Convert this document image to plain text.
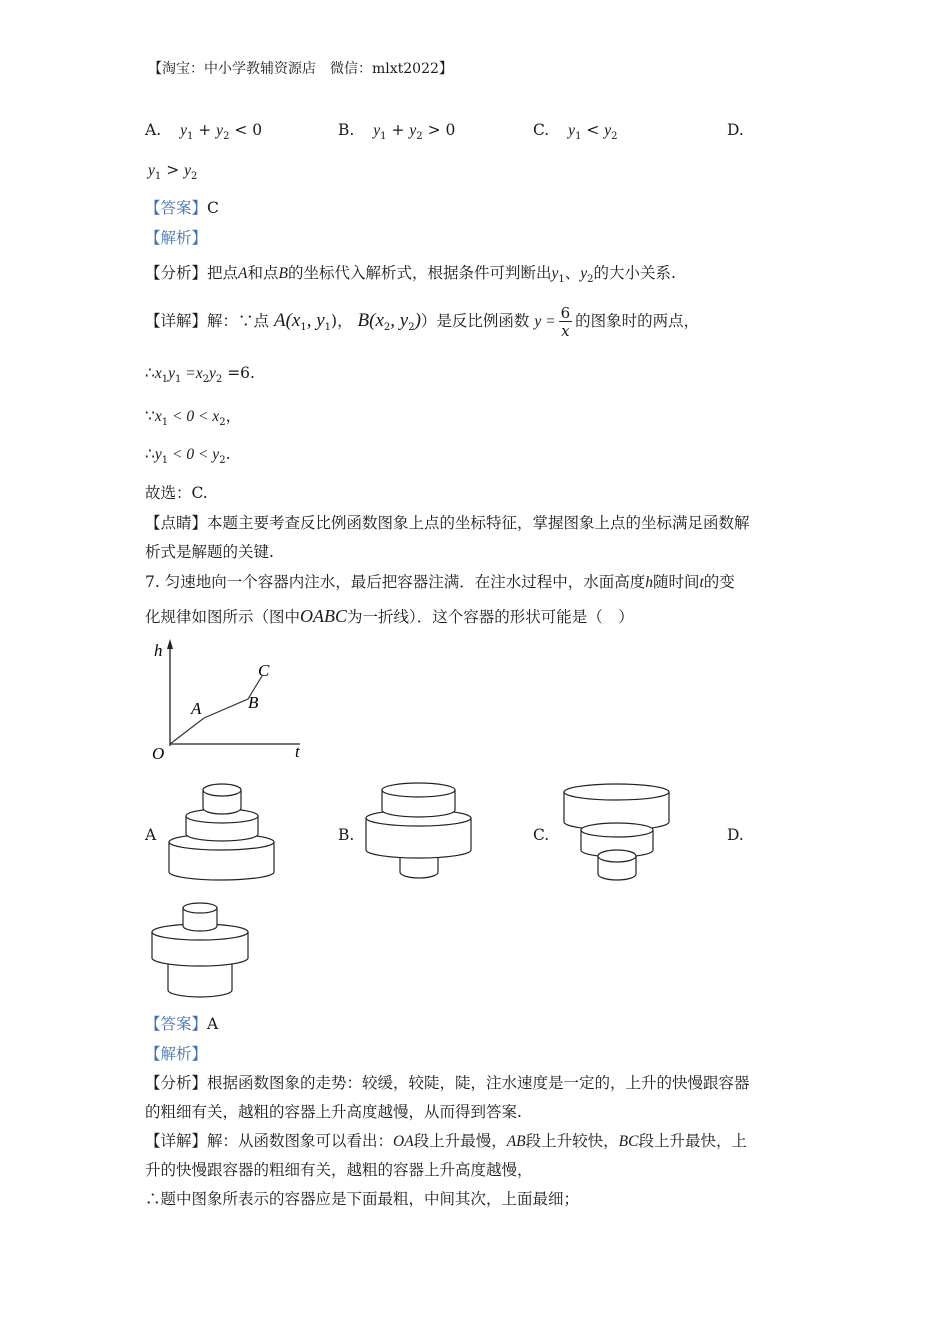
【淘宝：中小学教辅资源店　微信：mlxt2022】
A. $y_1 + y_2 < 0$	B. $y_1 + y_2 > 0$	C. $y_1 < y_2$	D.
$y_1 > y_2$
【答案】C
【解析】
【分析】把点A和点B的坐标代入解析式，根据条件可判断出$y_1$、$y_2$的大小关系.
【详解】解：∵点 $A(x_1$, $y_1$)， $B(x_2$, $y_2$)）是反比例函数 $y = \frac{6}{x}$ 的图象时的两点，
$\therefore x_1y_1 =x_2y_2 =6$.
$\because x_1 < 0 < x_2$，
$\therefore y_1 < 0 < y_2$.
故选：C.
【点睛】本题主要考查反比例函数图象上点的坐标特征，掌握图象上点的坐标满足函数解
析式是解题的关键.
7. 匀速地向一个容器内注水，最后把容器注满．在注水过程中，水面高度h随时间t的变
化规律如图所示（图中OABC为一折线）．这个容器的形状可能是（　）
h
t
O
A	B
C
A	B.	C.	D.
【答案】A
【解析】
【分析】根据函数图象的走势：较缓，较陡，陡，注水速度是一定的，上升的快慢跟容器
的粗细有关，越粗的容器上升高度越慢，从而得到答案.
【详解】解：从函数图象可以看出：OA段上升最慢，AB段上升较快，BC段上升最快，上
升的快慢跟容器的粗细有关，越粗的容器上升高度越慢，
∴题中图象所表示的容器应是下面最粗，中间其次，上面最细；
